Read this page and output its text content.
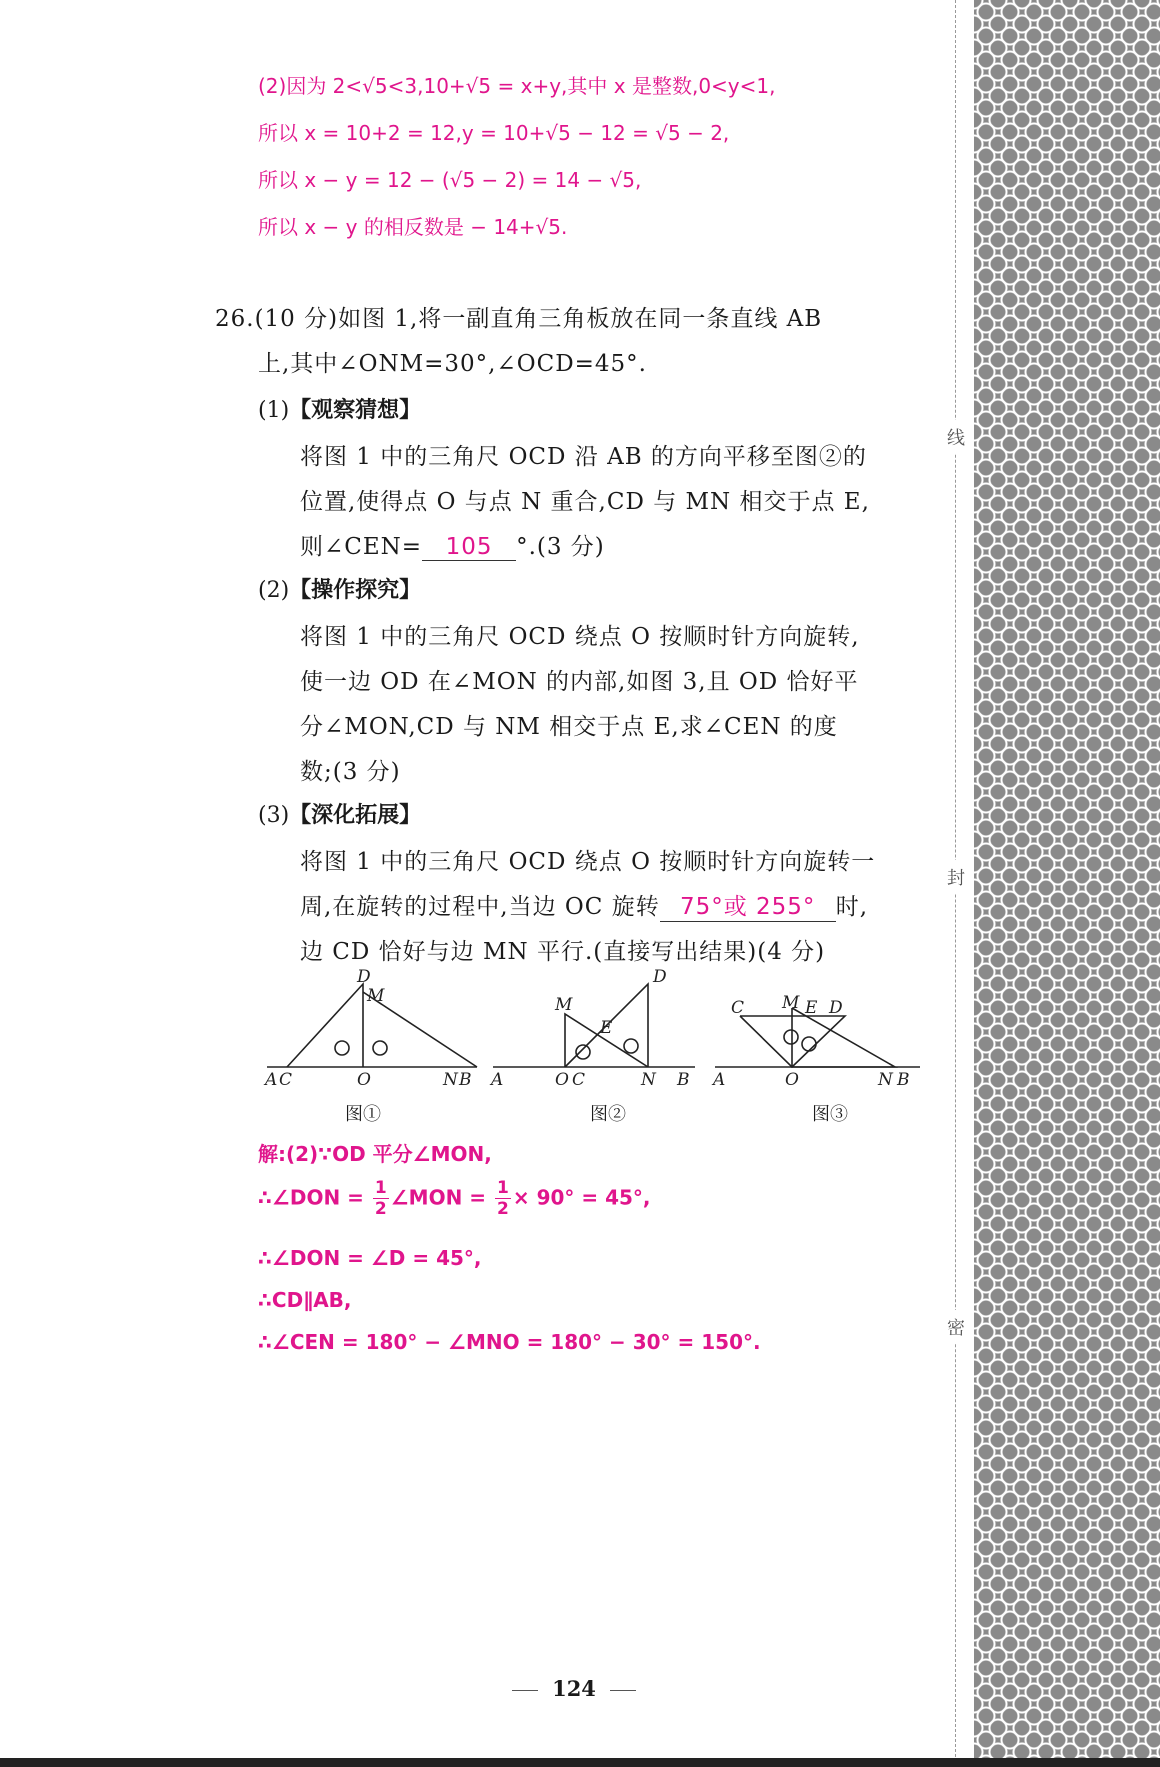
(2)因为 2<√5<3,10+√5 = x+y,其中 x 是整数,0<y<1,
所以 x = 10+2 = 12,y = 10+√5 − 12 = √5 − 2,
所以 x − y = 12 − (√5 − 2) = 14 − √5,
所以 x − y 的相反数是 − 14+√5.
26.(10 分)如图 1,将一副直角三角板放在同一条直线 AB
上,其中∠ONM=30°,∠OCD=45°.
(1)【观察猜想】
将图 1 中的三角尺 OCD 沿 AB 的方向平移至图②的
位置,使得点 O 与点 N 重合,CD 与 MN 相交于点 E,
则∠CEN= 105 °.(3 分)
(2)【操作探究】
将图 1 中的三角尺 OCD 绕点 O 按顺时针方向旋转,
使一边 OD 在∠MON 的内部,如图 3,且 OD 恰好平
分∠MON,CD 与 NM 相交于点 E,求∠CEN 的度
数;(3 分)
(3)【深化拓展】
将图 1 中的三角尺 OCD 绕点 O 按顺时针方向旋转一
周,在旋转的过程中,当边 OC 旋转 75°或 255° 时,
边 CD 恰好与边 MN 平行.(直接写出结果)(4 分)
D
M
A C	O	N B
D
M
E
A	O C	N B
C M E D
A	O	N B
图①	图②	图③
解:(2)∵OD 平分∠MON,
∴∠DON = $\frac{1}{2}$ ∠MON = $\frac{1}{2} \times 90^\circ = 45^\circ$,
∴∠DON = ∠D = 45°,
∴CD∥AB,
∴∠CEN = 180° − ∠MNO = 180° − 30° = 150°.
线
封
密
124
